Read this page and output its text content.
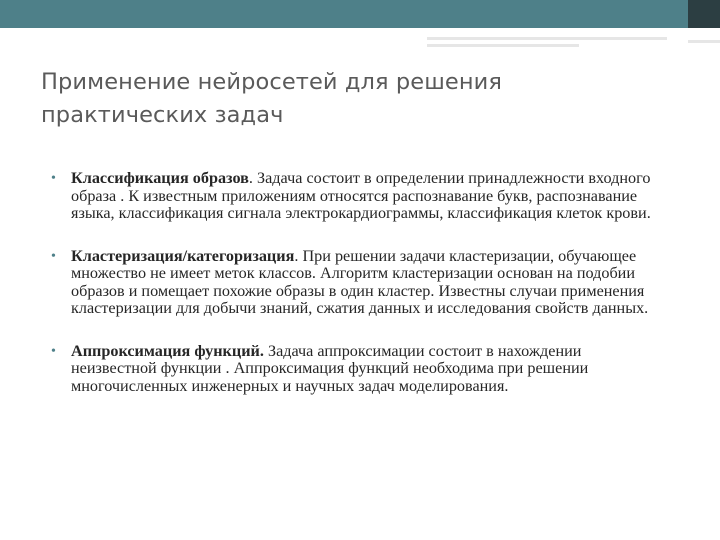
Применение нейросетей для решения
практических задач
• Классификация образов. Задача состоит в определении принадлежности входного образа . К известным приложениям относятся распознавание букв, распознавание языка, классификация сигнала электрокардиограммы, классификация клеток крови.
• Кластеризация/категоризация. При решении задачи кластеризации, обучающее множество не имеет меток классов. Алгоритм кластеризации основан на подобии образов и помещает похожие образы в один кластер. Известны случаи применения кластеризации для добычи знаний, сжатия данных и исследования свойств данных.
• Аппроксимация функций. Задача аппроксимации состоит в нахождении неизвестной функции . Аппроксимация функций необходима при решении многочисленных инженерных и научных задач моделирования.
